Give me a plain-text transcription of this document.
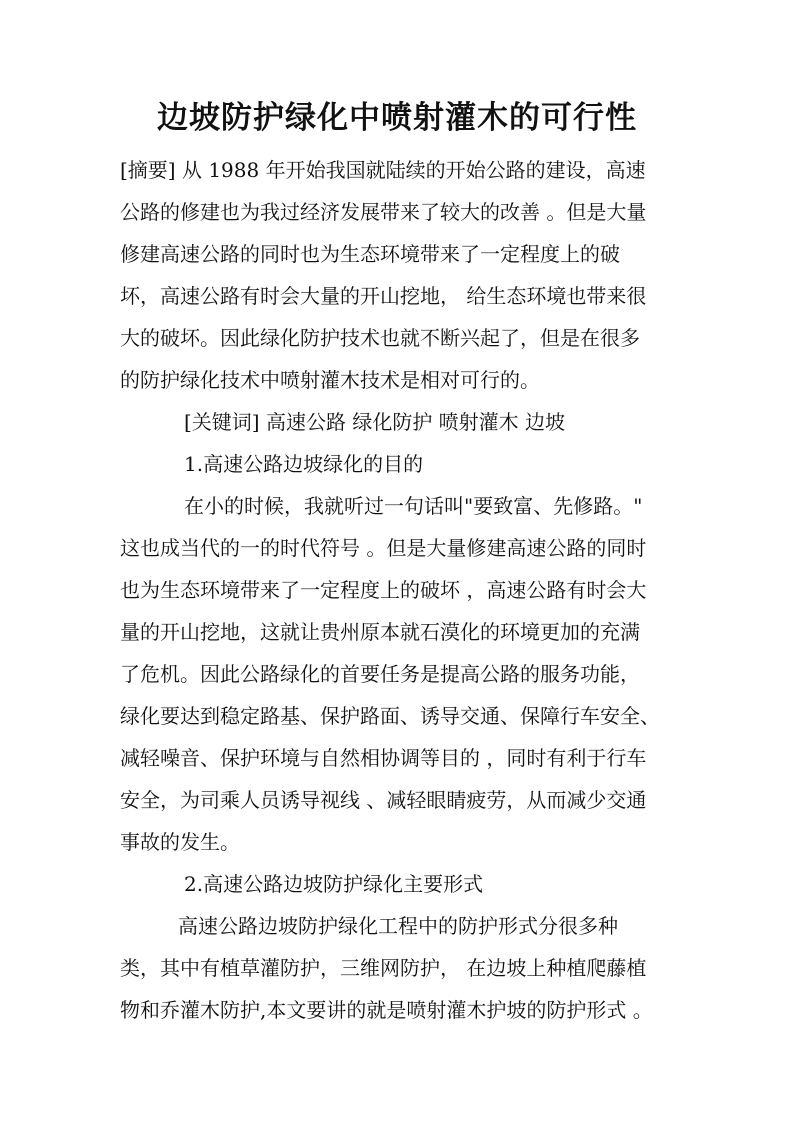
边坡防护绿化中喷射灌木的可行性
[摘要] 从 1988 年开始我国就陆续的开始公路的建设，高速
公路的修建也为我过经济发展带来了较大的改善 。但是大量
修建高速公路的同时也为生态环境带来了一定程度上的破
坏，高速公路有时会大量的开山挖地， 给生态环境也带来很
大的破坏。因此绿化防护技术也就不断兴起了，但是在很多
的防护绿化技术中喷射灌木技术是相对可行的。
[关键词] 高速公路 绿化防护 喷射灌木 边坡
1.高速公路边坡绿化的目的
在小的时候，我就听过一句话叫"要致富、先修路。"
这也成当代的一的时代符号 。但是大量修建高速公路的同时
也为生态环境带来了一定程度上的破坏 ，高速公路有时会大
量的开山挖地，这就让贵州原本就石漠化的环境更加的充满
了危机。因此公路绿化的首要任务是提高公路的服务功能，
绿化要达到稳定路基、保护路面、诱导交通、保障行车安全、
减轻噪音、保护环境与自然相协调等目的 ，同时有利于行车
安全，为司乘人员诱导视线 、减轻眼睛疲劳，从而减少交通
事故的发生。
2.高速公路边坡防护绿化主要形式
高速公路边坡防护绿化工程中的防护形式分很多种
类，其中有植草灌防护，三维网防护， 在边坡上种植爬藤植
物和乔灌木防护,本文要讲的就是喷射灌木护坡的防护形式 。
